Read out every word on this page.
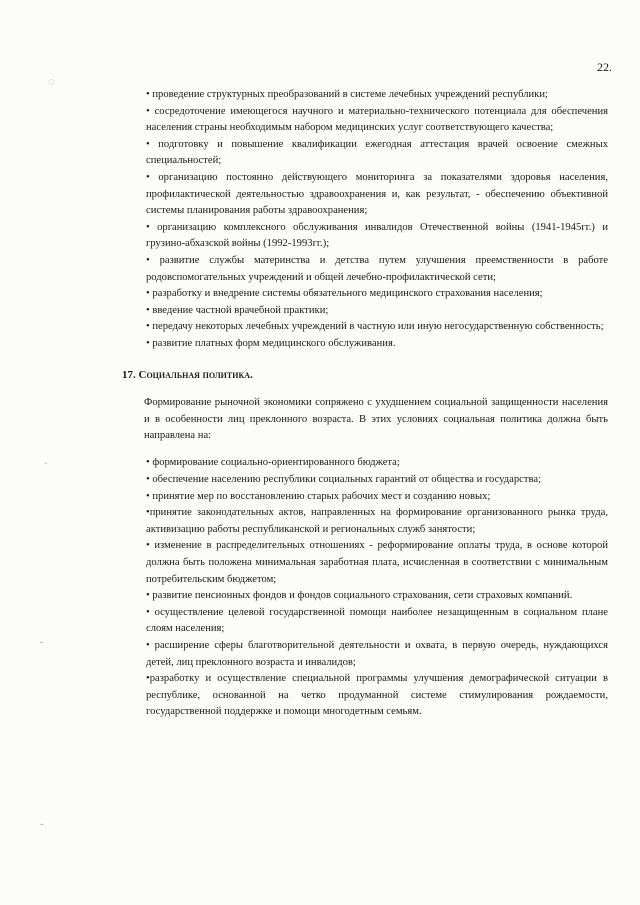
22.
◌
·
˘
˘

• проведение структурных преобразований в системе лечебных учреждений республики;

• сосредоточение имеющегося научного и материально-технического потенциала для обеспечения населения страны необходимым набором медицинских услуг соответствующего качества;

• подготовку и повышение квалификации ежегодная аттестация врачей освоение смежных специальностей;

• организацию постоянно действующего мониторинга за показателями здоровья населения, профилактической деятельностью здравоохранения и, как результат, - обеспечению объективной системы планирования работы здравоохранения;

• организацию комплексного обслуживания инвалидов Отечественной войны (1941-1945гг.) и грузино-абхазской войны (1992-1993гг.);

• развитие службы материнства и детства путем улучшения преемственности в работе родовспомогательных учреждений и общей лечебно-профилактической сети;

• разработку и внедрение системы обязательного медицинского страхования населения;

• введение частной врачебной практики;

• передачу некоторых лечебных учреждений в частную или иную негосударственную собственность;

• развитие платных форм медицинского обслуживания.

17. Социальная политика.

Формирование рыночной экономики сопряжено с ухудшением социальной защищенности населения и в особенности лиц преклонного возраста. В этих условиях социальная политика должна быть направлена на:

• формирование социально-ориентированного бюджета;

• обеспечение населению республики социальных гарантий от общества и государства;

• принятие мер по восстановлению старых рабочих мест и созданию новых;

•принятие законодательных актов, направленных на формирование организованного рынка труда, активизацию работы республиканской и региональных служб занятости;

• изменение в распределительных отношениях - реформирование оплаты труда, в основе которой должна быть положена минимальная заработная плата, исчисленная в соответствии с минимальным потребительским бюджетом;

• развитие пенсионных фондов и фондов социального страхования, сети страховых компаний.

• осуществление целевой государственной помощи наиболее незащищенным в социальном плане слоям населения;

• расширение сферы благотворительной деятельности и охвата, в первую очередь, нуждающихся детей, лиц преклонного возраста и инвалидов;

•разработку и осуществление специальной программы улучшения демографической ситуации в республике, основанной на четко продуманной системе стимулирования рождаемости, государственной поддержке и помощи многодетным семьям.
